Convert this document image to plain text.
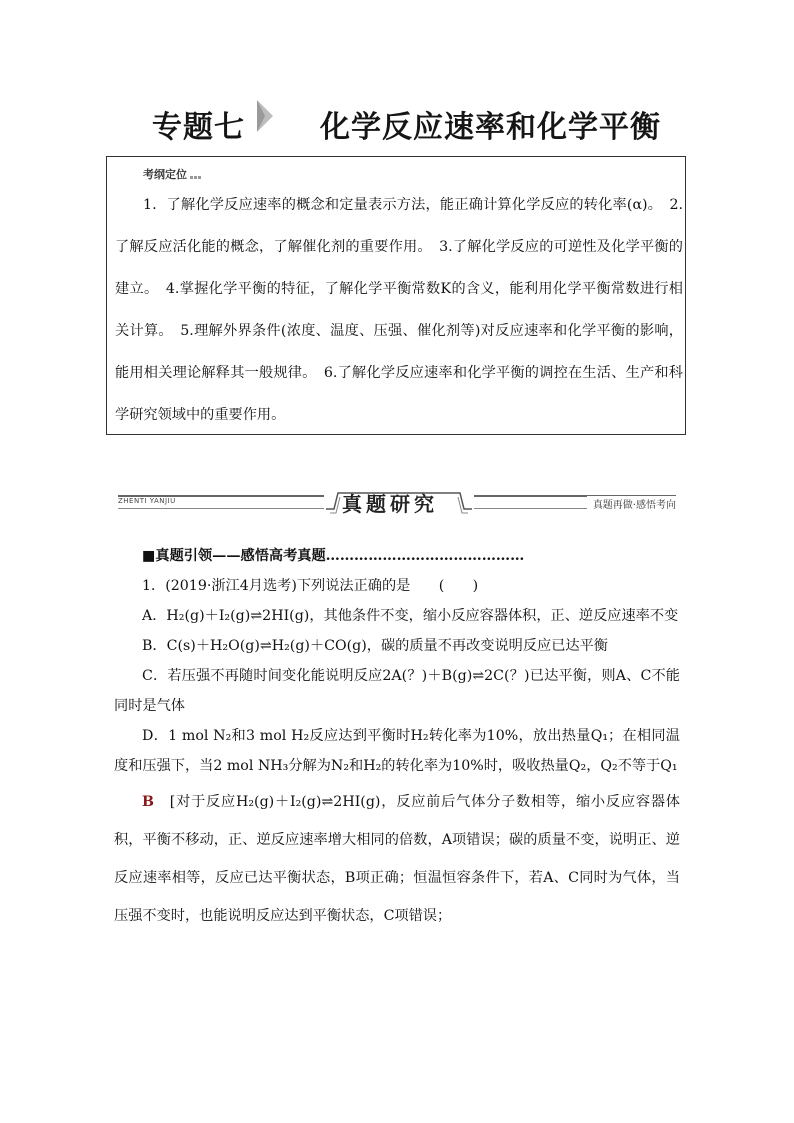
专题七	化学反应速率和化学平衡
考纲定位
1．了解化学反应速率的概念和定量表示方法，能正确计算化学反应的转化率(α)。　2.了解反应活化能的概念，了解催化剂的重要作用。　3.了解化学反应的可逆性及化学平衡的建立。　4.掌握化学平衡的特征，了解化学平衡常数K的含义，能利用化学平衡常数进行相关计算。　5.理解外界条件(浓度、温度、压强、催化剂等)对反应速率和化学平衡的影响，能用相关理论解释其一般规律。　6.了解化学反应速率和化学平衡的调控在生活、生产和科学研究领域中的重要作用。
ZHENTI YANJIU	真题研究	真题再做·感悟考向

■真题引领——感悟高考真题……………………………………

1．(2019·浙江4月选考)下列说法正确的是　　(　　)

A．H₂(g)＋I₂(g)⇌2HI(g)，其他条件不变，缩小反应容器体积，正、逆反应速率不变

B．C(s)＋H₂O(g)⇌H₂(g)＋CO(g)，碳的质量不再改变说明反应已达平衡

C．若压强不再随时间变化能说明反应2A(？)＋B(g)⇌2C(？)已达平衡，则A、C不能同时是气体

D．1 mol N₂和3 mol H₂反应达到平衡时H₂转化率为10%，放出热量Q₁；在相同温度和压强下，当2 mol NH₃分解为N₂和H₂的转化率为10%时，吸收热量Q₂，Q₂不等于Q₁

B　[对于反应H₂(g)＋I₂(g)⇌2HI(g)，反应前后气体分子数相等，缩小反应容器体积，平衡不移动，正、逆反应速率增大相同的倍数，A项错误；碳的质量不变，说明正、逆反应速率相等，反应已达平衡状态，B项正确；恒温恒容条件下，若A、C同时为气体，当压强不变时，也能说明反应达到平衡状态，C项错误；
